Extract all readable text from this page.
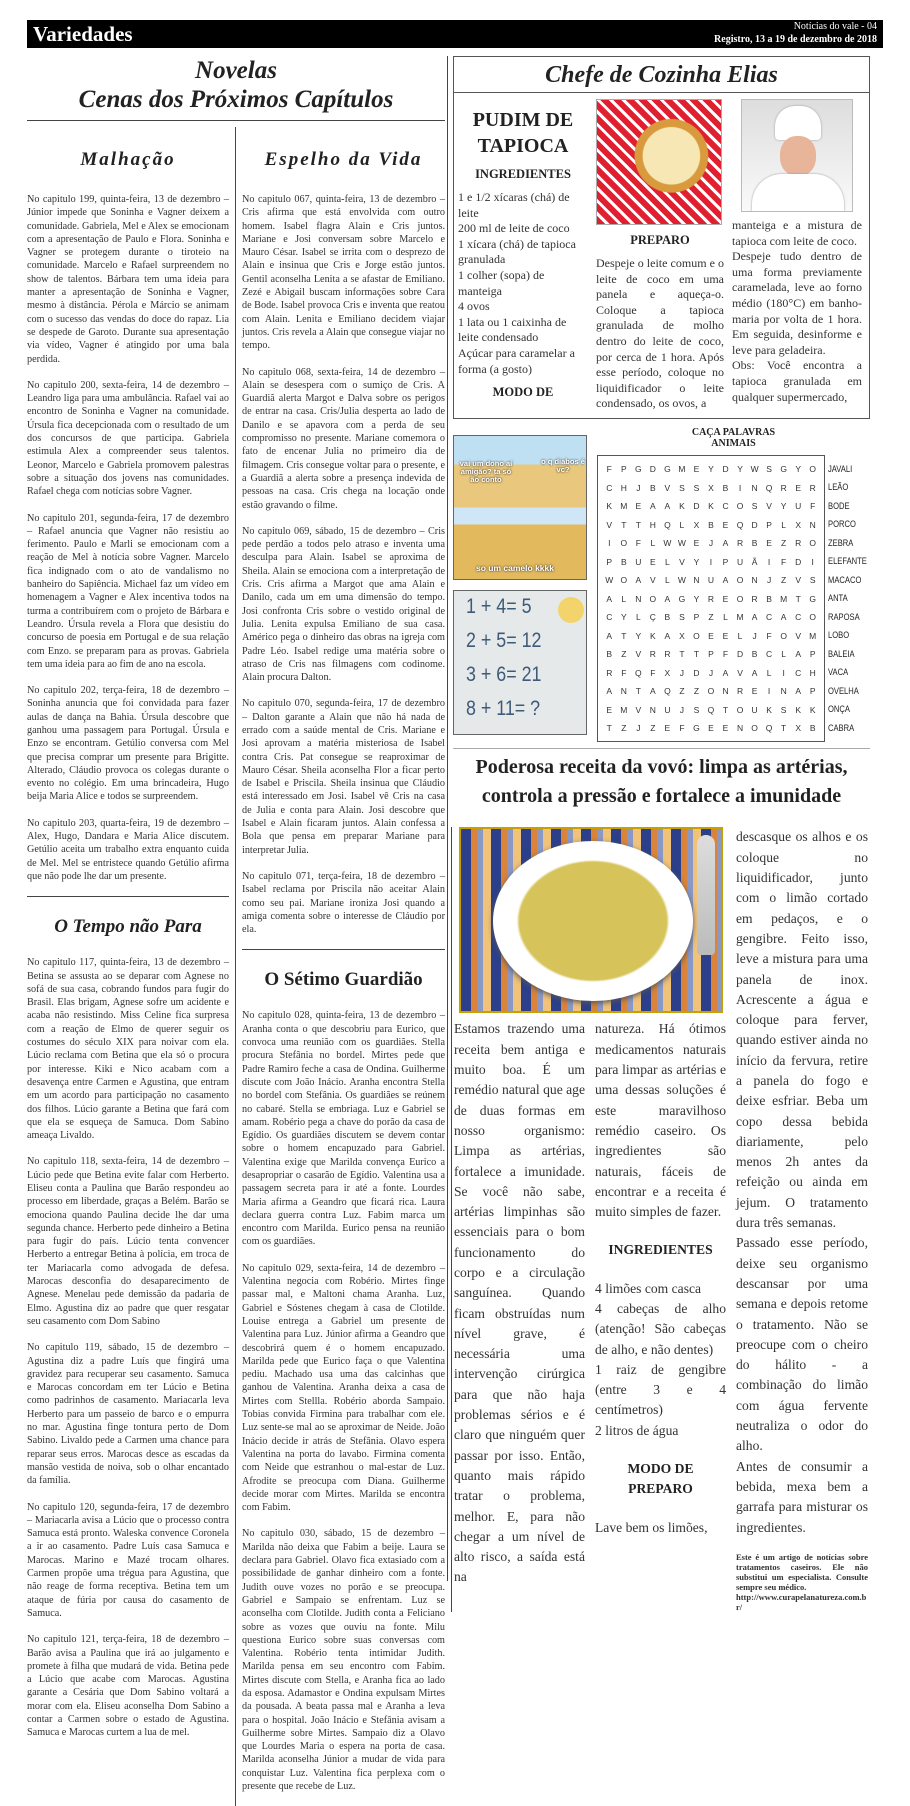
Variedades	Notícias do vale - 04
Registro, 13 a 19 de dezembro de 2018
Novelas
Cenas dos Próximos Capítulos
Malhação

No capitulo 199, quinta-feira, 13 de dezembro – Júnior impede que Soninha e Vagner deixem a comunidade. Gabriela, Mel e Alex se emocionam com a apresentação de Paulo e Flora. Soninha e Vagner se protegem durante o tiroteio na comunidade. Marcelo e Rafael surpreendem no show de talentos. Bárbara tem uma ideia para manter a apresentação de Soninha e Vagner, mesmo à distância. Pérola e Márcio se animam com o sucesso das vendas do doce do rapaz. Lia se despede de Garoto. Durante sua apresentação via vídeo, Vagner é atingido por uma bala perdida.

No capitulo 200, sexta-feira, 14 de dezembro – Leandro liga para uma ambulância. Rafael vai ao encontro de Soninha e Vagner na comunidade. Úrsula fica decepcionada com o resultado de um dos concursos de que participa. Gabriela estimula Alex a compreender seus talentos. Leonor, Marcelo e Gabriela promovem palestras sobre a situação dos jovens nas comunidades. Rafael chega com notícias sobre Vagner.

No capitulo 201, segunda-feira, 17 de dezembro – Rafael anuncia que Vagner não resistiu ao ferimento. Paulo e Marli se emocionam com a reação de Mel à notícia sobre Vagner. Marcelo fica indignado com o ato de vandalismo no banheiro do Sapiência. Michael faz um vídeo em homenagem a Vagner e Alex incentiva todos na turma a contribuírem com o projeto de Bárbara e Leandro. Úrsula revela a Flora que desistiu do concurso de poesia em Portugal e de sua relação com Enzo. se preparam para as provas. Gabriela tem uma ideia para ao fim de ano na escola.

No capitulo 202, terça-feira, 18 de dezembro – Soninha anuncia que foi convidada para fazer aulas de dança na Bahia. Úrsula descobre que ganhou uma passagem para Portugal. Úrsula e Enzo se encontram. Getúlio conversa com Mel que precisa comprar um presente para Brigitte. Alterado, Cláudio provoca os colegas durante o evento no colégio. Em uma brincadeira, Hugo beija Maria Alice e todos se surpreendem.

No capitulo 203, quarta-feira, 19 de dezembro – Alex, Hugo, Dandara e Maria Alice discutem. Getúlio aceita um trabalho extra enquanto cuida de Mel. Mel se entristece quando Getúlio afirma que não pode lhe dar um presente.

O Tempo não Para

No capitulo 117, quinta-feira, 13 de dezembro – Betina se assusta ao se deparar com Agnese no sofá de sua casa, cobrando fundos para fugir do Brasil. Elas brigam, Agnese sofre um acidente e acaba não resistindo. Miss Celine fica surpresa com a reação de Elmo de querer seguir os costumes do século XIX para noivar com ela. Lúcio reclama com Betina que ela só o procura por interesse. Kiki e Nico acabam com a desavença entre Carmen e Agustina, que entram em um acordo para participação no casamento dos filhos. Lúcio garante a Betina que fará com que ela se esqueça de Samuca. Dom Sabino ameaça Livaldo.

No capitulo 118, sexta-feira, 14 de dezembro – Lúcio pede que Betina evite falar com Herberto. Eliseu conta a Paulina que Barão respondeu ao processo em liberdade, graças a Belém. Barão se emociona quando Paulina decide lhe dar uma segunda chance. Herberto pede dinheiro a Betina para fugir do país. Lúcio tenta convencer Herberto a entregar Betina à polícia, em troca de ter Mariacarla como advogada de defesa. Marocas desconfia do desaparecimento de Agnese. Menelau pede demissão da padaria de Elmo. Agustina diz ao padre que quer resgatar seu casamento com Dom Sabino

No capitulo 119, sábado, 15 de dezembro – Agustina diz a padre Luís que fingirá uma gravidez para recuperar seu casamento. Samuca e Marocas concordam em ter Lúcio e Betina como padrinhos de casamento. Mariacarla leva Herberto para um passeio de barco e o empurra no mar. Agustina finge tontura perto de Dom Sabino. Livaldo pede a Carmen uma chance para reparar seus erros. Marocas desce as escadas da mansão vestida de noiva, sob o olhar encantado da família.

No capitulo 120, segunda-feira, 17 de dezembro – Mariacarla avisa a Lúcio que o processo contra Samuca está pronto. Waleska convence Coronela a ir ao casamento. Padre Luís casa Samuca e Marocas. Marino e Mazé trocam olhares. Carmen propõe uma trégua para Agustina, que não reage de forma receptiva. Betina tem um ataque de fúria por causa do casamento de Samuca.

No capitulo 121, terça-feira, 18 de dezembro – Barão avisa a Paulina que irá ao julgamento e promete à filha que mudará de vida. Betina pede a Lúcio que acabe com Marocas. Agustina garante a Cesária que Dom Sabino voltará a morar com ela. Eliseu aconselha Dom Sabino a contar a Carmen sobre o estado de Agustina. Samuca e Marocas curtem a lua de mel.

Espelho da Vida

No capitulo 067, quinta-feira, 13 de dezembro – Cris afirma que está envolvida com outro homem. Isabel flagra Alain e Cris juntos. Mariane e Josi conversam sobre Marcelo e Mauro César. Isabel se irrita com o desprezo de Alain e insinua que Cris e Jorge estão juntos. Gentil aconselha Lenita a se afastar de Emiliano. Zezé e Abigail buscam informações sobre Cara de Bode. Isabel provoca Cris e inventa que reatou com Alain. Lenita e Emiliano decidem viajar juntos. Cris revela a Alain que consegue viajar no tempo.

No capitulo 068, sexta-feira, 14 de dezembro – Alain se desespera com o sumiço de Cris. A Guardiã alerta Margot e Dalva sobre os perigos de entrar na casa. Cris/Julia desperta ao lado de Danilo e se apavora com a perda de seu compromisso no presente. Mariane comemora o fato de encenar Julia no primeiro dia de filmagem. Cris consegue voltar para o presente, e a Guardiã a alerta sobre a presença indevida de pessoas na casa. Cris chega na locação onde estão gravando o filme.

No capitulo 069, sábado, 15 de dezembro – Cris pede perdão a todos pelo atraso e inventa uma desculpa para Alain. Isabel se aproxima de Sheila. Alain se emociona com a interpretação de Cris. Cris afirma a Margot que ama Alain e Danilo, cada um em uma dimensão do tempo. Josi confronta Cris sobre o vestido original de Julia. Lenita expulsa Emiliano de sua casa. Américo pega o dinheiro das obras na igreja com Padre Léo. Isabel redige uma matéria sobre o atraso de Cris nas filmagens com codinome. Alain procura Dalton.

No capitulo 070, segunda-feira, 17 de dezembro – Dalton garante a Alain que não há nada de errado com a saúde mental de Cris. Mariane e Josi aprovam a matéria misteriosa de Isabel contra Cris. Pat consegue se reaproximar de Mauro César. Sheila aconselha Flor a ficar perto de Isabel e Priscila. Sheila insinua que Cláudio está interessado em Josi. Isabel vê Cris na casa de Julia e conta para Alain. Josi descobre que Isabel e Alain ficaram juntos. Alain confessa a Bola que pensa em preparar Mariane para interpretar Julia.

No capitulo 071, terça-feira, 18 de dezembro – Isabel reclama por Priscila não aceitar Alain como seu pai. Mariane ironiza Josi quando a amiga comenta sobre o interesse de Cláudio por ela.

O Sétimo Guardião

No capitulo 028, quinta-feira, 13 de dezembro – Aranha conta o que descobriu para Eurico, que convoca uma reunião com os guardiães. Stella procura Stefânia no bordel. Mirtes pede que Padre Ramiro feche a casa de Ondina. Guilherme discute com João Inácio. Aranha encontra Stella no bordel com Stefânia. Os guardiães se reúnem no cabaré. Stella se embriaga. Luz e Gabriel se amam. Robério pega a chave do porão da casa de Egídio. Os guardiães discutem se devem contar sobre o homem encapuzado para Gabriel. Valentina exige que Marilda convença Eurico a desapropriar o casarão de Egídio. Valentina usa a passagem secreta para ir até a fonte. Lourdes Maria afirma a Geandro que ficará rica. Laura declara guerra contra Luz. Fabim marca um encontro com Marilda. Eurico pensa na reunião com os guardiães.

No capitulo 029, sexta-feira, 14 de dezembro – Valentina negocia com Robério. Mirtes finge passar mal, e Maltoni chama Aranha. Luz, Gabriel e Sóstenes chegam à casa de Clotilde. Louise entrega a Gabriel um presente de Valentina para Luz. Júnior afirma a Geandro que descobrirá quem é o homem encapuzado. Marilda pede que Eurico faça o que Valentina pediu. Machado usa uma das calcinhas que ganhou de Valentina. Aranha deixa a casa de Mirtes com Stellla. Robério aborda Sampaio. Tobias convida Firmina para trabalhar com ele. Luz sente-se mal ao se aproximar de Neide. João Inácio decide ir atrás de Stefânia. Olavo espera Valentina na porta do lavabo. Firmina comenta com Neide que estranhou o mal-estar de Luz. Afrodite se preocupa com Diana. Guilherme decide morar com Mirtes. Marilda se encontra com Fabim.

No capitulo 030, sábado, 15 de dezembro – Marilda não deixa que Fabim a beije. Laura se declara para Gabriel. Olavo fica extasiado com a possibilidade de ganhar dinheiro com a fonte. Judith ouve vozes no porão e se preocupa. Gabriel e Sampaio se enfrentam. Luz se aconselha com Clotilde. Judith conta a Feliciano sobre as vozes que ouviu na fonte. Milu questiona Eurico sobre suas conversas com Valentina. Robério tenta intimidar Judith. Marilda pensa em seu encontro com Fabim. Mirtes discute com Stella, e Aranha fica ao lado da esposa. Adamastor e Ondina expulsam Mirtes da pousada. A beata passa mal e Aranha a leva para o hospital. João Inácio e Stefânia avisam a Guilherme sobre Mirtes. Sampaio diz a Olavo que Lourdes Maria o espera na porta de casa. Marilda aconselha Júnior a mudar de vida para conquistar Luz. Valentina fica perplexa com o presente que recebe de Luz.

Chefe de Cozinha Elias
PUDIM DE
TAPIOCA
INGREDIENTES
1 e 1/2 xícaras (chá) de leite
200 ml de leite de coco
1 xícara (chá) de tapioca granulada
1 colher (sopa) de manteiga
4 ovos
1 lata ou 1 caixinha de leite condensado
Açúcar para caramelar a forma (a gosto)
MODO DE
PREPARO
Despeje o leite comum e o leite de coco em uma panela e aqueça-o. Coloque a tapioca granulada de molho dentro do leite de coco, por cerca de 1 hora. Após esse período, coloque no liquidificador o leite condensado, os ovos, a
manteiga e a mistura de tapioca com leite de coco.
Despeje tudo dentro de uma forma previamente caramelada, leve ao forno médio (180°C) em banho-maria por volta de 1 hora. Em seguida, desinforme e leve para geladeira.
Obs: Você encontra a tapioca granulada em qualquer supermercado,
vai um dono aí amigão? ta só ão conto
o q diabos é vc?
so um camelo kkkk
1 + 4= 5
2 + 5= 12
3 + 6= 21
8 + 11= ?
CAÇA PALAVRAS
ANIMAIS
F	P G D G M E	Y	D	Y W S G Y O
C H	J	B	V	S	S	X	B	I	N Q R	E	R
K M E	A	A	K	D	K	C O S	V	Y	U	F
V	T	T	H Q	L	X	B	E Q D	P	L	X	N
I	O	F	L W W E	J	A	R	B	E	Z	R O
P	B	U	E	L	V	Y	I	P	U	Ã	I	F	D	I
W O A	V	L W N U	A O N	J	Z	V	S
A	L	N O A G Y	R	E O R	B M T	G
C	Y	L	Ç	B	S	P	Z	L	M A	C	A	C O
A	T	Y	K	A	X O E	E	L	J	F	O V M
B	Z	V	R R	T	T	P	F	D	B	C	L	A	P
R	F	Q	F	X	J	D	J	A	V	A	L	I	C H
A	N	T	A Q	Z	Z	O N R	E	I	N	A	P
E M V	N U	J	S Q	T	O U	K	S	K	K
T	Z	J	Z	E	F	G E	E	N O Q	T	X	B
JAVALI
LEÃO
BODE
PORCO
ZEBRA
ELEFANTE
MACACO
ANTA
RAPOSA
LOBO
BALEIA
VACA
OVELHA
ONÇA
CABRA
Poderosa receita da vovó: limpa as artérias,
controla a pressão e fortalece a imunidade
Estamos trazendo uma receita bem antiga e muito boa. É um remédio natural que age de duas formas em nosso organismo: Limpa as artérias, fortalece a imunidade. Se você não sabe, artérias limpinhas são essenciais para o bom funcionamento do corpo e a circulação sanguínea. Quando ficam obstruídas num nível grave, é necessária uma intervenção cirúrgica para que não haja problemas sérios e é claro que ninguém quer passar por isso. Então, quanto mais rápido tratar o problema, melhor. E, para não chegar a um nível de alto risco, a saída está na
natureza. Há ótimos medicamentos naturais para limpar as artérias e uma dessas soluções é este maravilhoso remédio caseiro. Os ingredientes são naturais, fáceis de encontrar e a receita é muito simples de fazer.
INGREDIENTES
4 limões com casca
4 cabeças de alho (atenção! São cabeças de alho, e não dentes)
1 raiz de gengibre (entre 3 e 4 centímetros)
2 litros de água
MODO DE
PREPARO
Lave bem os limões,
descasque os alhos e os coloque no liquidificador, junto com o limão cortado em pedaços, e o gengibre. Feito isso, leve a mistura para uma panela de inox. Acrescente a água e coloque para ferver, quando estiver ainda no início da fervura, retire a panela do fogo e deixe esfriar. Beba um copo dessa bebida diariamente, pelo menos 2h antes da refeição ou ainda em jejum. O tratamento dura três semanas.
Passado esse período, deixe seu organismo descansar por uma semana e depois retome o tratamento. Não se preocupe com o cheiro do hálito - a combinação do limão com água fervente neutraliza o odor do alho.
Antes de consumir a bebida, mexa bem a garrafa para misturar os ingredientes.
Este é um artigo de notícias sobre tratamentos caseiros. Ele não substitui um especialista. Consulte sempre seu médico.
http://www.curapelanatureza.com.br/
